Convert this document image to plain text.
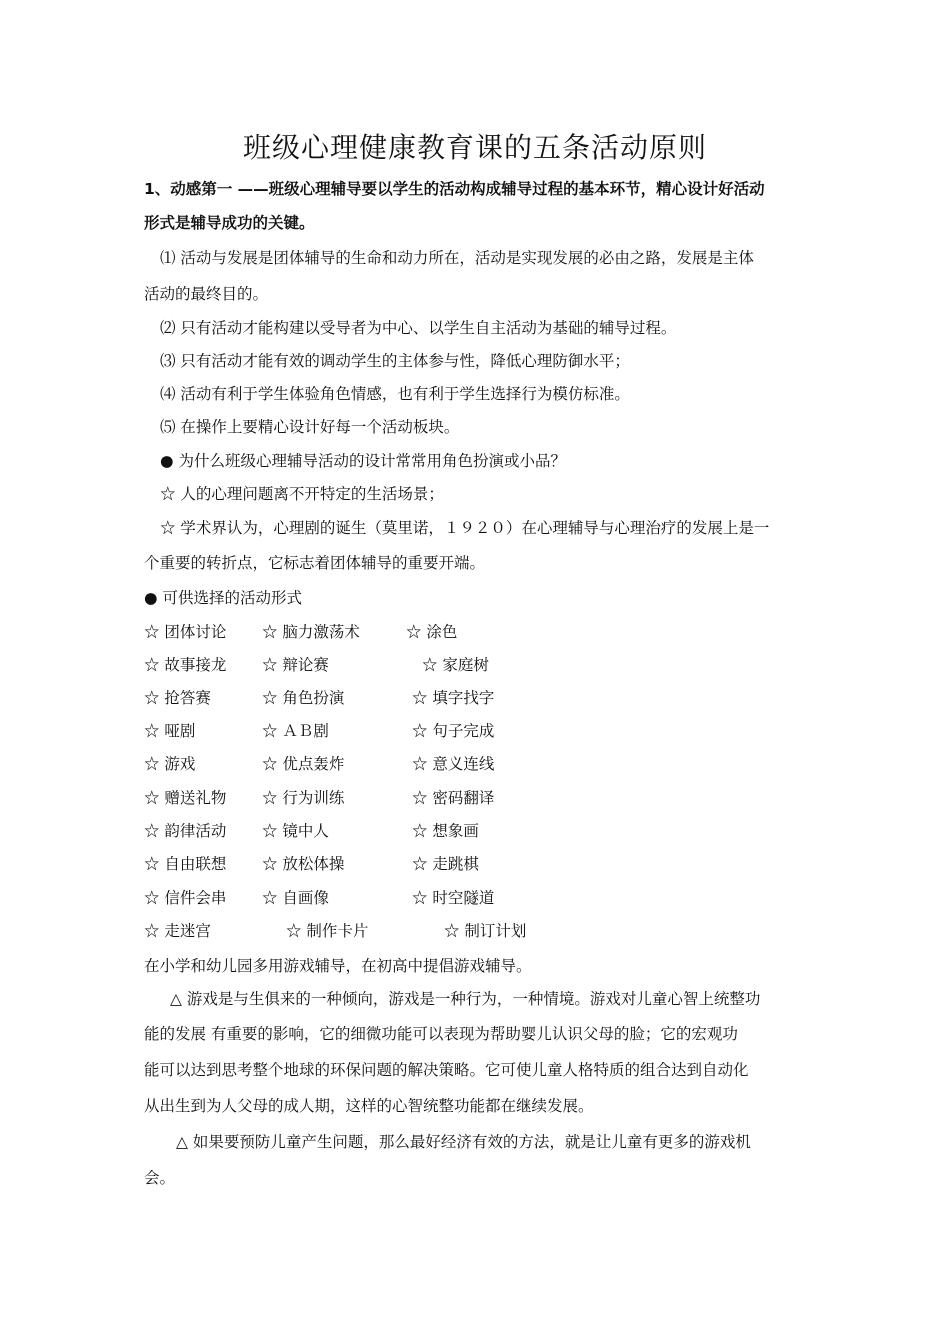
班级心理健康教育课的五条活动原则
1、动感第一 ——班级心理辅导要以学生的活动构成辅导过程的基本环节，精心设计好活动
形式是辅导成功的关键。
⑴ 活动与发展是团体辅导的生命和动力所在，活动是实现发展的必由之路，发展是主体
活动的最终目的。
⑵ 只有活动才能构建以受导者为中心、以学生自主活动为基础的辅导过程。
⑶ 只有活动才能有效的调动学生的主体参与性，降低心理防御水平；
⑷ 活动有利于学生体验角色情感，也有利于学生选择行为模仿标准。
⑸ 在操作上要精心设计好每一个活动板块。
● 为什么班级心理辅导活动的设计常常用角色扮演或小品？
☆ 人的心理问题离不开特定的生活场景；
☆ 学术界认为，心理剧的诞生（莫里诺，１９２０）在心理辅导与心理治疗的发展上是一
个重要的转折点，它标志着团体辅导的重要开端。
● 可供选择的活动形式
☆ 团体讨论 ☆ 脑力激荡术	☆ 涂色
☆ 故事接龙 ☆ 辩论赛	☆ 家庭树
☆ 抢答赛	☆ 角色扮演	☆ 填字找字
☆ 哑剧	☆ ＡＢ剧	☆ 句子完成
☆ 游戏	☆ 优点轰炸	☆ 意义连线
☆ 赠送礼物 ☆ 行为训练	☆ 密码翻译
☆ 韵律活动 ☆ 镜中人	☆ 想象画
☆ 自由联想 ☆ 放松体操	☆ 走跳棋
☆ 信件会串 ☆ 自画像	☆ 时空隧道
☆ 走迷宫	☆ 制作卡片	☆ 制订计划
在小学和幼儿园多用游戏辅导，在初高中提倡游戏辅导。
△ 游戏是与生俱来的一种倾向，游戏是一种行为，一种情境。游戏对儿童心智上统整功
能的发展 有重要的影响，它的细微功能可以表现为帮助婴儿认识父母的脸；它的宏观功
能可以达到思考整个地球的环保问题的解决策略。它可使儿童人格特质的组合达到自动化
从出生到为人父母的成人期，这样的心智统整功能都在继续发展。
△ 如果要预防儿童产生问题，那么最好经济有效的方法，就是让儿童有更多的游戏机
会。
